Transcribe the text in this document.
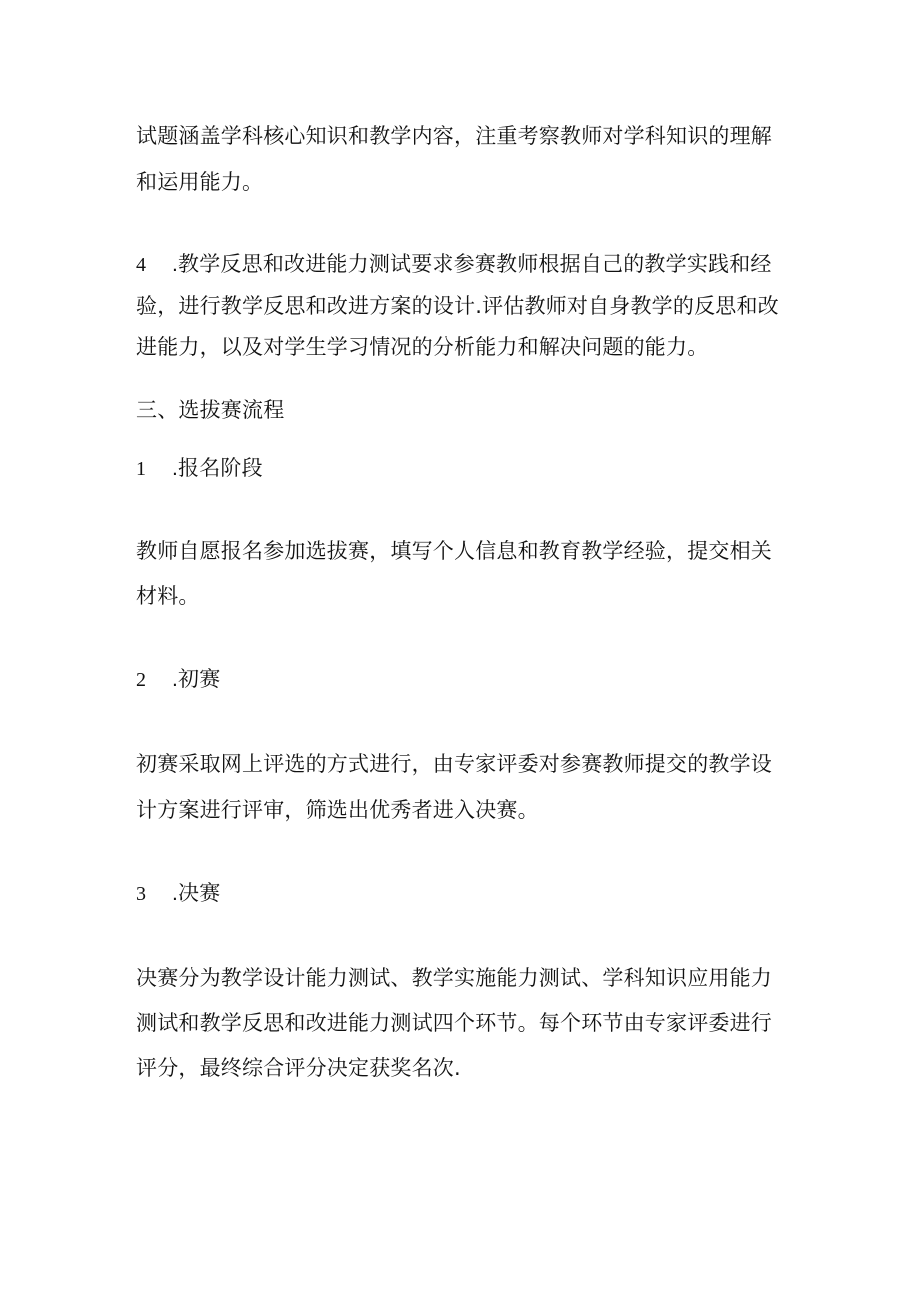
试题涵盖学科核心知识和教学内容，注重考察教师对学科知识的理解
和运用能力。
4 .教学反思和改进能力测试要求参赛教师根据自己的教学实践和经
验，进行教学反思和改进方案的设计.评估教师对自身教学的反思和改
进能力，以及对学生学习情况的分析能力和解决问题的能力。
三、选拔赛流程
1 .报名阶段
教师自愿报名参加选拔赛，填写个人信息和教育教学经验，提交相关
材料。
2 .初赛
初赛采取网上评选的方式进行，由专家评委对参赛教师提交的教学设
计方案进行评审，筛选出优秀者进入决赛。
3 .决赛
决赛分为教学设计能力测试、教学实施能力测试、学科知识应用能力
测试和教学反思和改进能力测试四个环节。每个环节由专家评委进行
评分，最终综合评分决定获奖名次.
